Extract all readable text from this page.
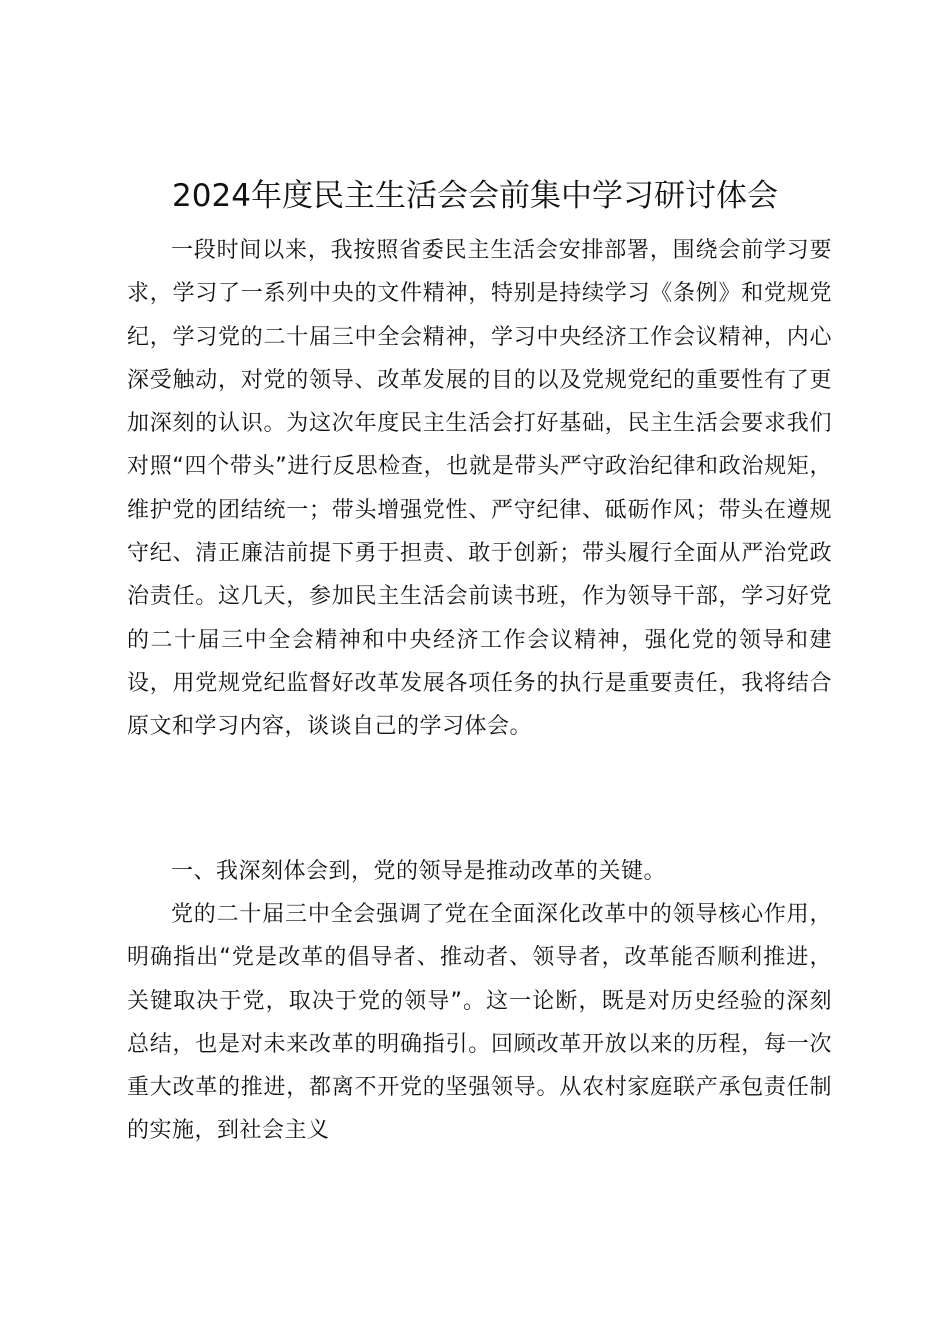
2024年度民主生活会会前集中学习研讨体会

一段时间以来，我按照省委民主生活会安排部署，围绕会前学习要求，学习了一系列中央的文件精神，特别是持续学习《条例》和党规党纪，学习党的二十届三中全会精神，学习中央经济工作会议精神，内心深受触动，对党的领导、改革发展的目的以及党规党纪的重要性有了更加深刻的认识。为这次年度民主生活会打好基础，民主生活会要求我们对照“四个带头”进行反思检查，也就是带头严守政治纪律和政治规矩，维护党的团结统一；带头增强党性、严守纪律、砥砺作风；带头在遵规守纪、清正廉洁前提下勇于担责、敢于创新；带头履行全面从严治党政治责任。这几天，参加民主生活会前读书班，作为领导干部，学习好党的二十届三中全会精神和中央经济工作会议精神，强化党的领导和建设，用党规党纪监督好改革发展各项任务的执行是重要责任，我将结合原文和学习内容，谈谈自己的学习体会。

一、我深刻体会到，党的领导是推动改革的关键。

党的二十届三中全会强调了党在全面深化改革中的领导核心作用，明确指出“党是改革的倡导者、推动者、领导者，改革能否顺利推进，关键取决于党，取决于党的领导”。这一论断，既是对历史经验的深刻总结，也是对未来改革的明确指引。回顾改革开放以来的历程，每一次重大改革的推进，都离不开党的坚强领导。从农村家庭联产承包责任制的实施，到社会主义
